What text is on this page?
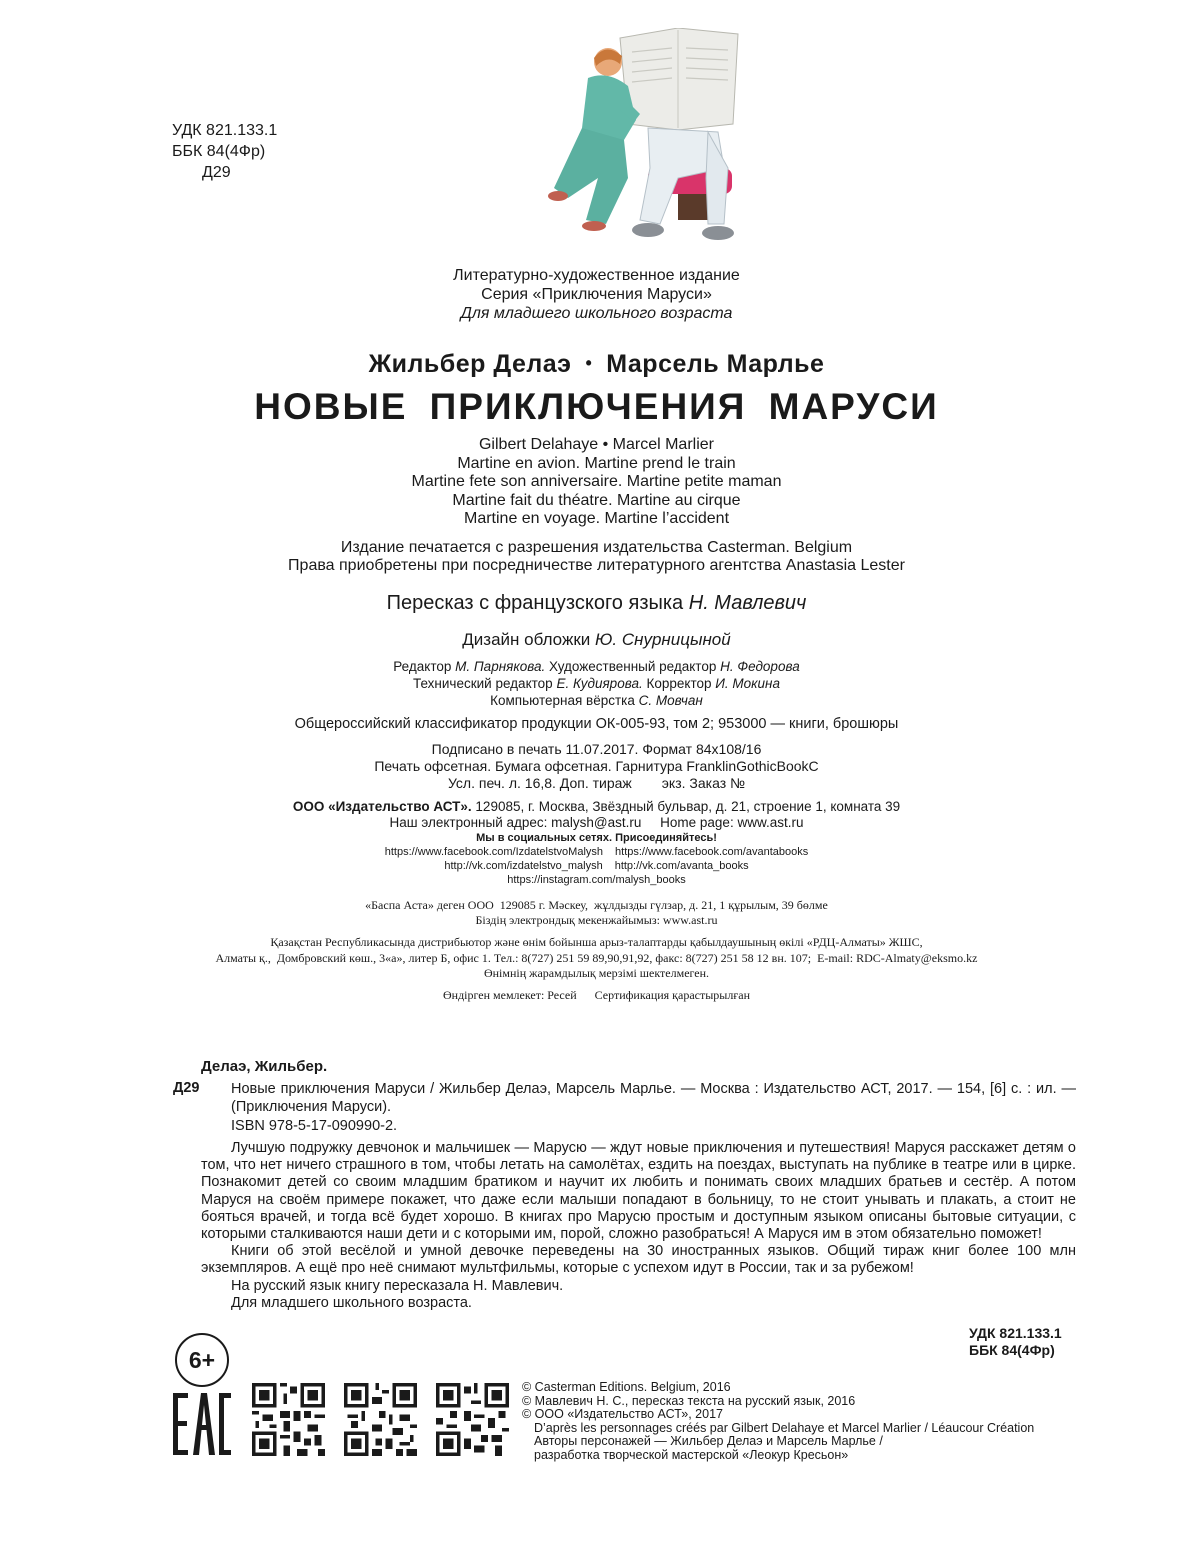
УДК 821.133.1
ББК 84(4Фр)
Д29
Литературно-художественное издание
Серия «Приключения Маруси»
Для младшего школьного возраста
Жильбер Делаэ • Марсель Марлье
НОВЫЕ ПРИКЛЮЧЕНИЯ МАРУСИ
Gilbert Delahaye • Marcel Marlier
Martine en avion. Martine prend le train
Martine fete son anniversaire. Martine petite maman
Martine fait du théatre. Martine au cirque
Martine en voyage. Martine l’accident
Издание печатается с разрешения издательства Casterman. Belgium
Права приобретены при посредничестве литературного агентства Anastasia Lester
Пересказ с французского языка Н. Мавлевич
Дизайн обложки Ю. Снурницыной
Редактор М. Парнякова. Художественный редактор Н. Федорова
Технический редактор Е. Кудиярова. Корректор И. Мокина
Компьютерная вёрстка С. Мовчан
Общероссийский классификатор продукции ОК-005-93, том 2; 953000 — книги, брошюры
Подписано в печать 11.07.2017. Формат 84x108/16
Печать офсетная. Бумага офсетная. Гарнитура FranklinGothicBookC
Усл. печ. л. 16,8. Доп. тираж экз. Заказ №
ООО «Издательство АСТ». 129085, г. Москва, Звёздный бульвар, д. 21, строение 1, комната 39
Наш электронный адрес: malysh@ast.ru     Home page: www.ast.ru
Мы в социальных сетях. Присоединяйтесь!
https://www.facebook.com/IzdatelstvoMalysh https://www.facebook.com/avantabooks
http://vk.com/izdatelstvo_malysh http://vk.com/avanta_books
https://instagram.com/malysh_books
«Баспа Аста» деген ООО  129085 г. Мәскеу,  жұлдызды гүлзар, д. 21, 1 құрылым, 39 бөлме
Біздің электрондық мекенжайымыз: www.ast.ru
Қазақстан Республикасында дистрибьютор және өнім бойынша арыз-талаптарды қабылдаушының өкілі «РДЦ-Алматы» ЖШС,
Алматы қ.,  Домбровский көш., 3«а», литер Б, офис 1. Тел.: 8(727) 251 59 89,90,91,92, факс: 8(727) 251 58 12 вн. 107;  E-mail: RDC-Almaty@eksmo.kz
Өнімнің жарамдылық мерзімі шектелмеген.
Өндірген мемлекет: Ресей Сертификация қарастырылған
Делаэ, Жильбер.
Д29 Новые приключения Маруси / Жильбер Делаэ, Марсель Марлье. — Москва : Издательство АСТ, 2017. — 154, [6] с. : ил. — (Приключения Маруси).
ISBN 978-5-17-090990-2.

Лучшую подружку девчонок и мальчишек — Марусю — ждут новые приключения и путешествия! Маруся расскажет детям о том, что нет ничего страшного в том, чтобы летать на самолётах, ездить на поездах, выступать на публике в театре или в цирке. Познакомит детей со своим младшим братиком и научит их любить и понимать своих младших братьев и сестёр. А потом Маруся на своём примере покажет, что даже если малыши попадают в больницу, то не стоит унывать и плакать, а стоит не бояться врачей, и тогда всё будет хорошо. В книгах про Марусю простым и доступным языком описаны бытовые ситуации, с которыми сталкиваются наши дети и с которыми им, порой, сложно разобраться! А Маруся им в этом обязательно поможет!

Книги об этой весёлой и умной девочке переведены на 30 иностранных языков. Общий тираж книг более 100 млн экземпляров. А ещё про неё снимают мультфильмы, которые с успехом идут в России, так и за рубежом!

На русский язык книгу пересказала Н. Мавлевич.

Для младшего школьного возраста.

УДК 821.133.1
ББК 84(4Фр)
6+
© Casterman Editions. Belgium, 2016
© Мавлевич Н. С., пересказ текста на русский язык, 2016
© ООО «Издательство АСТ», 2017
D’après les personnages créés par Gilbert Delahaye et Marcel Marlier / Léaucour Création
Авторы персонажей — Жильбер Делаэ и Марсель Марлье /
разработка творческой мастерской «Леокур Кресьон»
